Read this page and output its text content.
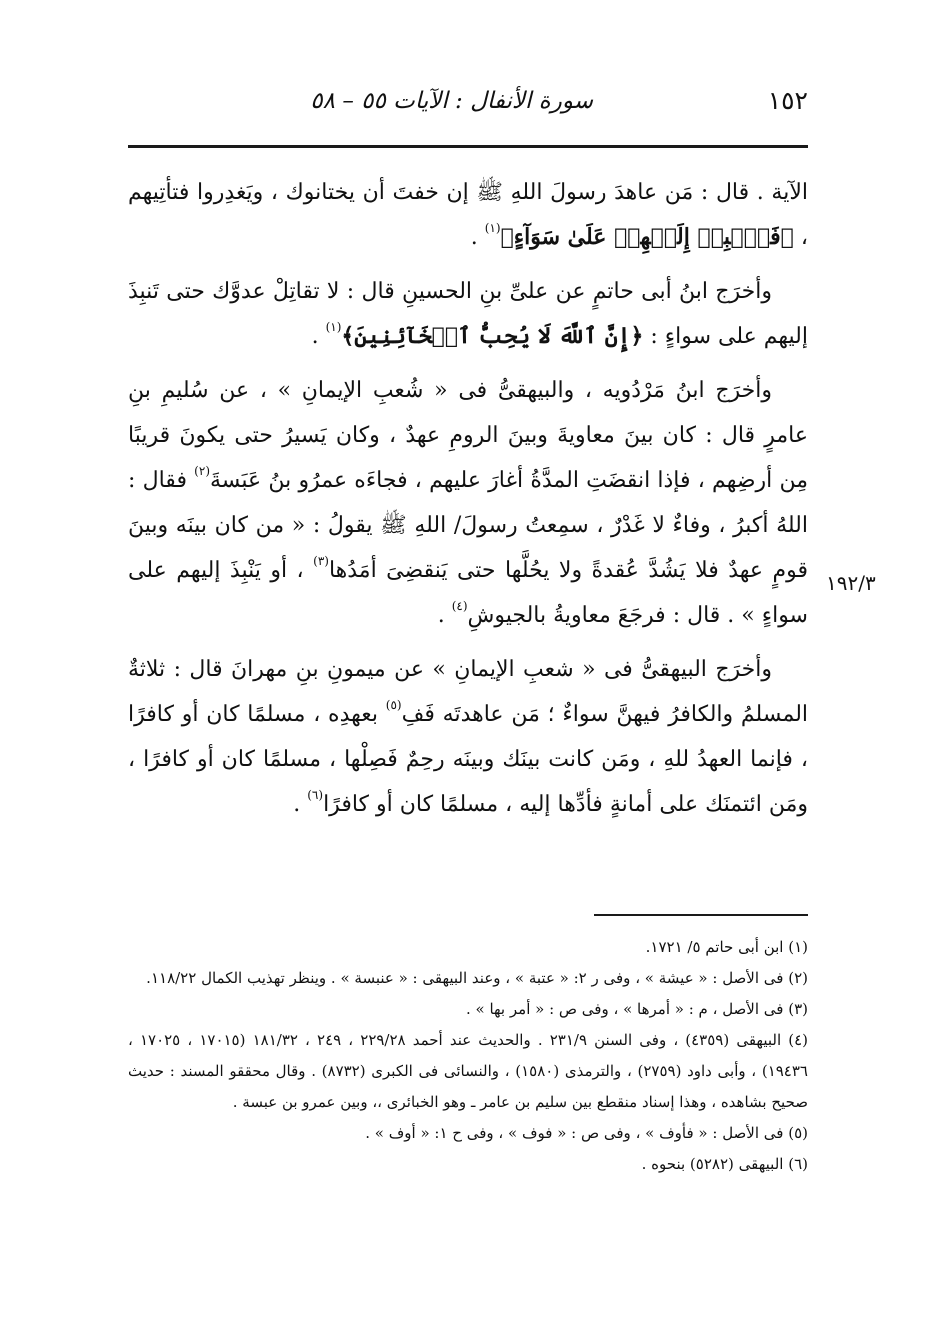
١٥٢
سورة الأنفال : الآيات ٥٥ – ٥٨

الآية . قال : مَن عاهدَ رسولَ اللهِ ﷺ إن خفتَ أن يختانوك ، ويَغدِروا فتأتِيهم ، ﴿فَٱنۢبِذۡ إِلَيۡهِمۡ عَلَىٰ سَوَآءٍ﴾$^{(١)}$ .

وأخرَج ابنُ أبى حاتمٍ عن علىِّ بنِ الحسينِ قال : لا تقاتِلْ عدوَّك حتى تَنبِذَ إليهم على سواءٍ : ﴿إِنَّ ٱللَّهَ لَا يُحِبُّ ٱلۡخَآئِنِينَ﴾$^{(١)}$ .

وأخرَج ابنُ مَرْدُويه ، والبيهقىُّ فى « شُعبِ الإيمانِ » ، عن سُليمِ بنِ عامرٍ قال : كان بينَ معاويةَ وبينَ الرومِ عهدٌ ، وكان يَسيرُ حتى يكونَ قريبًا مِن أرضِهم ، فإذا انقضَتِ المدَّةُ أغارَ عليهم ، فجاءَه عمرُو بنُ عَبَسةَ$^{(٢)}$ فقال : اللهُ أكبرُ ، وفاءٌ لا غَدْرٌ ، سمِعتُ رسولَ/ اللهِ ﷺ يقولُ : « من كان بينَه وبينَ قومٍ عهدٌ فلا يَشُدَّ عُقدةً ولا يحُلَّها حتى يَنقضِىَ أمَدُها$^{(٣)}$ ، أو يَنْبِذَ إليهم على سواءٍ » . قال : فرجَعَ معاويةُ بالجيوشِ$^{(٤)}$ .

وأخرَج البيهقىُّ فى « شعبِ الإيمانِ » عن ميمونِ بنِ مهرانَ قال : ثلاثةٌ المسلمُ والكافرُ فيهنَّ سواءٌ ؛ مَن عاهدتَه فَفِ$^{(٥)}$ بعهدِه ، مسلمًا كان أو كافرًا ، فإنما العهدُ للهِ ، ومَن كانت بينَك وبينَه رحِمٌ فَصِلْها ، مسلمًا كان أو كافرًا ، ومَن ائتمنَك على أمانةٍ فأدِّها إليه ، مسلمًا كان أو كافرًا$^{(٦)}$ .

١٩٢/٣

(١) ابن أبى حاتم ٥/ ١٧٢١.

(٢) فى الأصل : « عيشة » ، وفى ر ٢: « عتبة » ، وعند البيهقى : « عنبسة » . وينظر تهذيب الكمال ١١٨/٢٢.

(٣) فى الأصل ، م : « أمرها » ، وفى ص : « أمر بها » .

(٤) البيهقى (٤٣٥٩) ، وفى السنن ٢٣١/٩ . والحديث عند أحمد ٢٢٩/٢٨ ، ٢٤٩ ، ١٨١/٣٢ (١٧٠١٥ ، ١٧٠٢٥ ، ١٩٤٣٦) ، وأبى داود (٢٧٥٩) ، والترمذى (١٥٨٠) ، والنسائى فى الكبرى (٨٧٣٢) . وقال محققو المسند : حديث صحيح بشاهده ، وهذا إسناد منقطع بين سليم بن عامر ـ وهو الخبائرى ،، وبين عمرو بن عبسة .

(٥) فى الأصل : « فأوف » ، وفى ص : « فوف » ، وفى ح ١: « أوف » .

(٦) البيهقى (٥٢٨٢) بنحوه .
